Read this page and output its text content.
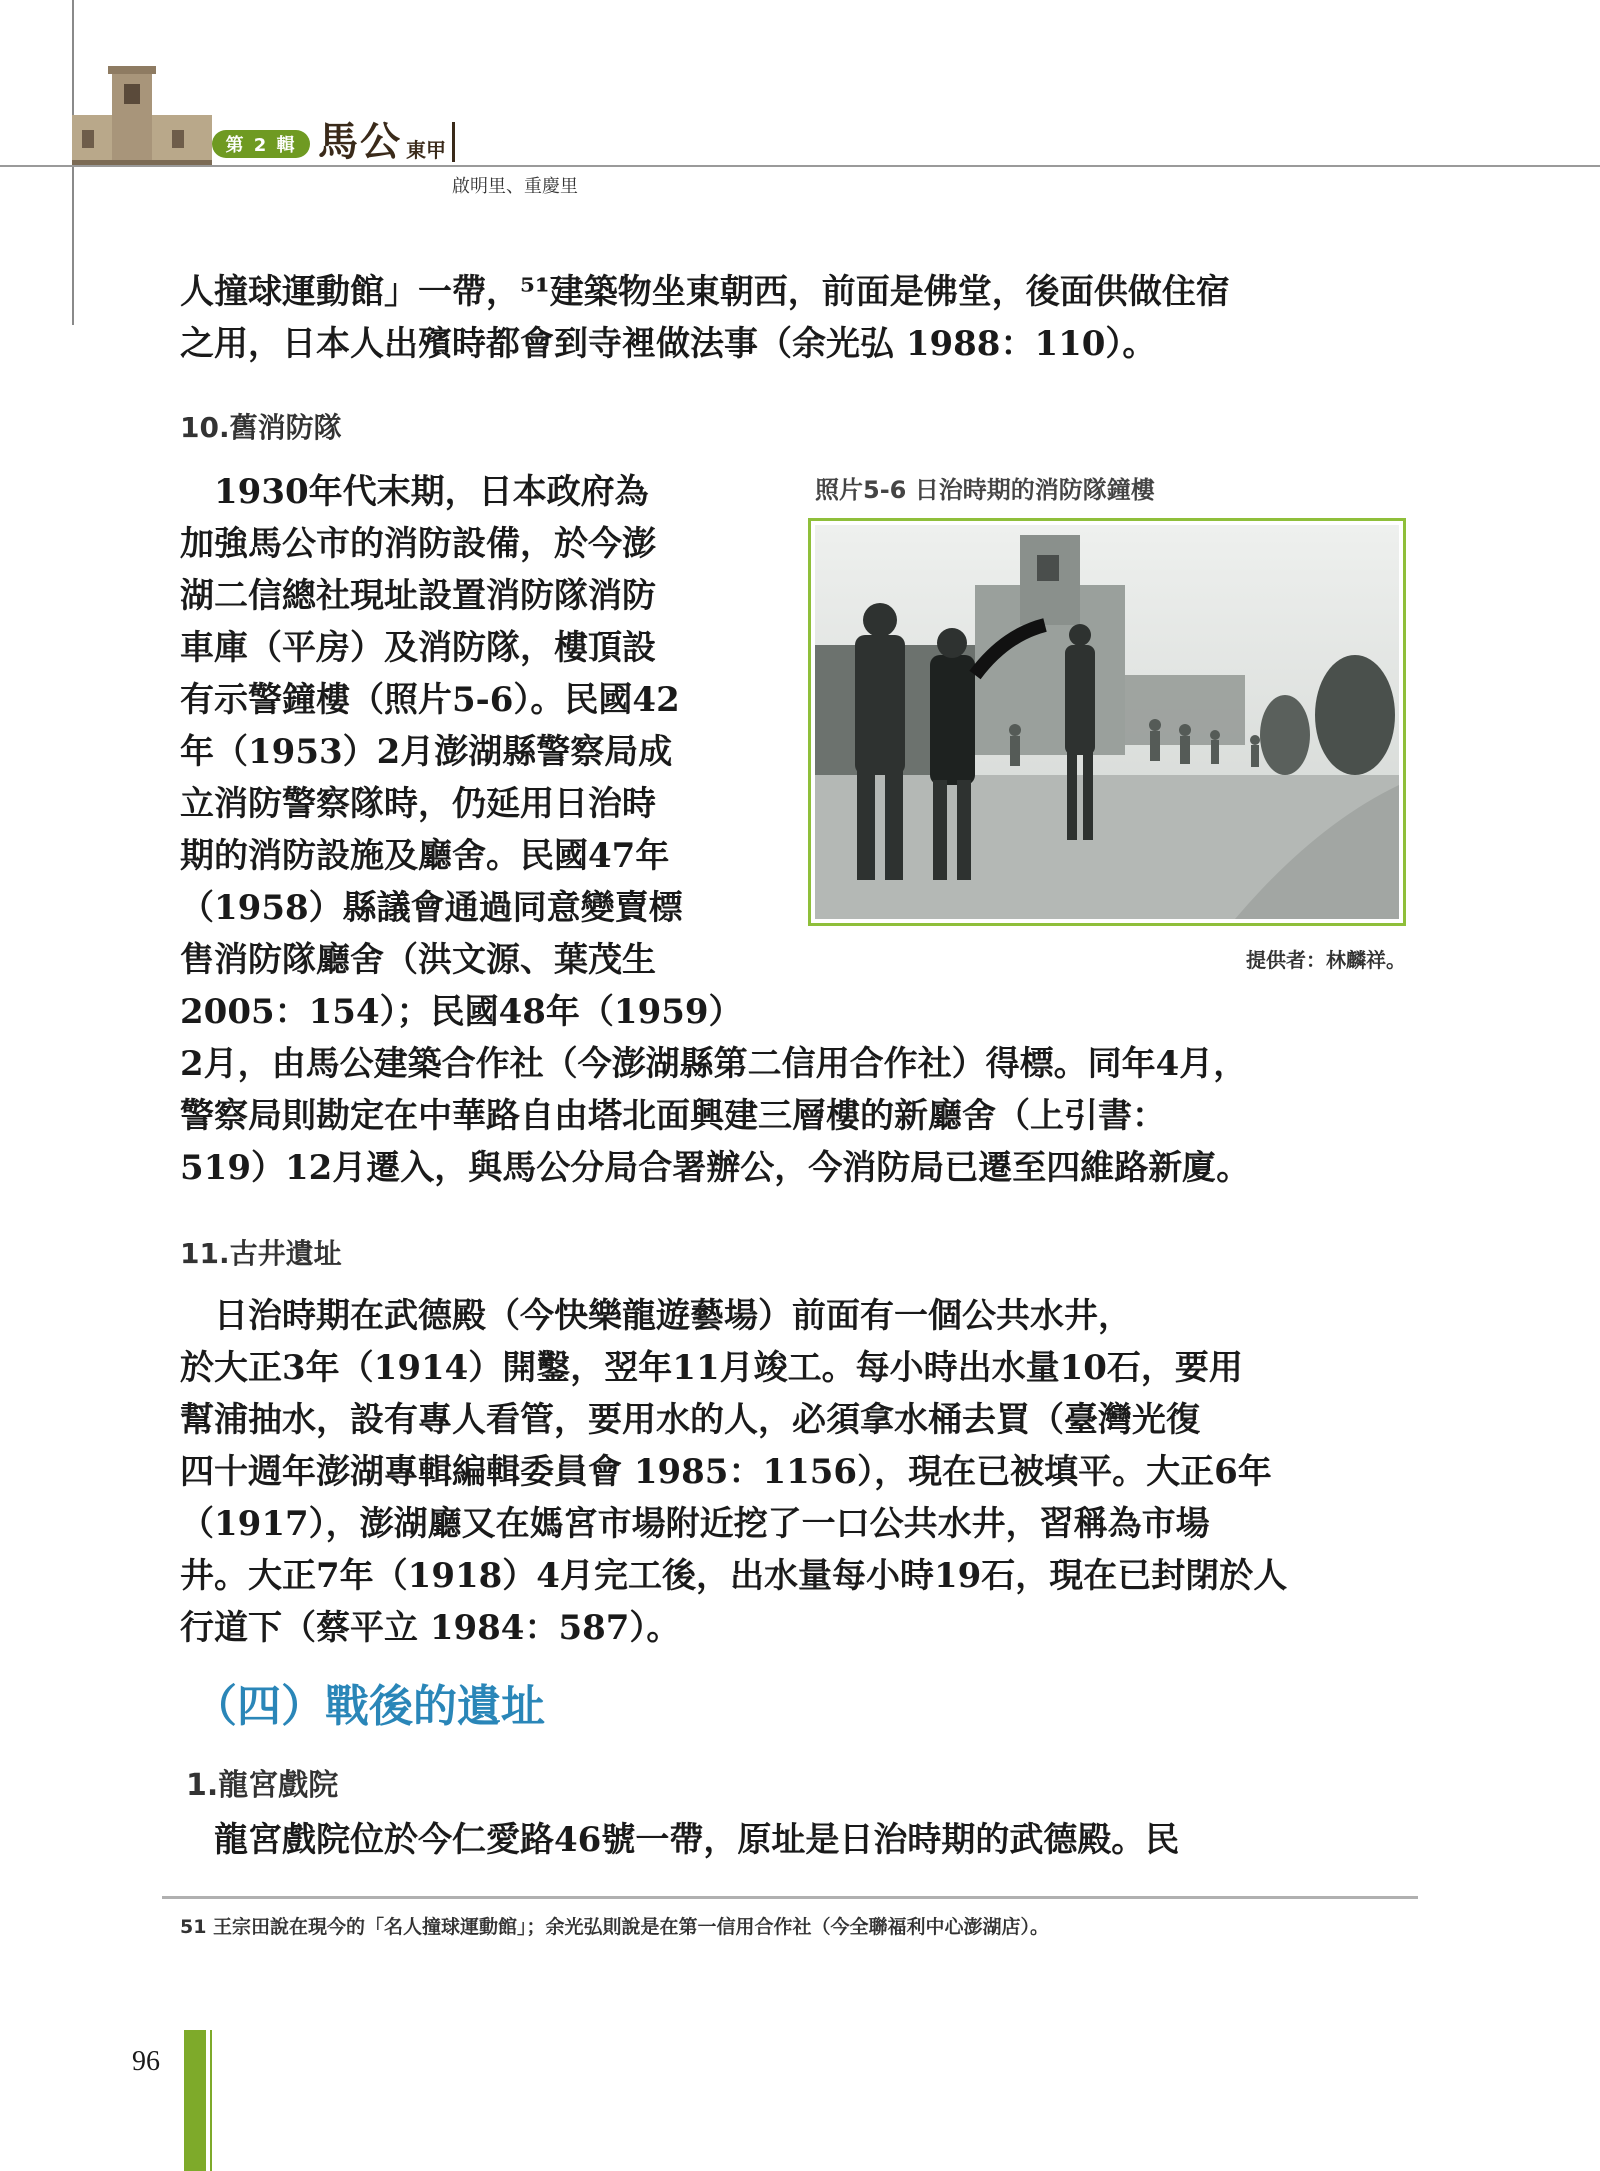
第 2 輯 馬公 東甲
啟明里、重慶里

人撞球運動館」一帶，⁵¹建築物坐東朝西，前面是佛堂，後面供做住宿
之用，日本人出殯時都會到寺裡做法事（余光弘 1988：110）。

10.舊消防隊

　1930年代末期，日本政府為
加強馬公市的消防設備，於今澎
湖二信總社現址設置消防隊消防
車庫（平房）及消防隊，樓頂設
有示警鐘樓（照片5-6）。民國42
年（1953）2月澎湖縣警察局成
立消防警察隊時，仍延用日治時
期的消防設施及廳舍。民國47年
（1958）縣議會通過同意變賣標
售消防隊廳舍（洪文源、葉茂生
2005：154）；民國48年（1959）

照片5-6 日治時期的消防隊鐘樓
提供者：林麟祥。

2月，由馬公建築合作社（今澎湖縣第二信用合作社）得標。同年4月，
警察局則勘定在中華路自由塔北面興建三層樓的新廳舍（上引書：
519）12月遷入，與馬公分局合署辦公，今消防局已遷至四維路新廈。

11.古井遺址

　日治時期在武德殿（今快樂龍遊藝場）前面有一個公共水井，
於大正3年（1914）開鑿，翌年11月竣工。每小時出水量10石，要用
幫浦抽水，設有專人看管，要用水的人，必須拿水桶去買（臺灣光復
四十週年澎湖專輯編輯委員會 1985：1156），現在已被填平。大正6年
（1917），澎湖廳又在媽宮市場附近挖了一口公共水井，習稱為市場
井。大正7年（1918）4月完工後，出水量每小時19石，現在已封閉於人
行道下（蔡平立 1984：587）。

（四）戰後的遺址
1.龍宮戲院

　龍宮戲院位於今仁愛路46號一帶，原址是日治時期的武德殿。民

51 王宗田說在現今的「名人撞球運動館」；余光弘則說是在第一信用合作社（今全聯福利中心澎湖店）。
96
